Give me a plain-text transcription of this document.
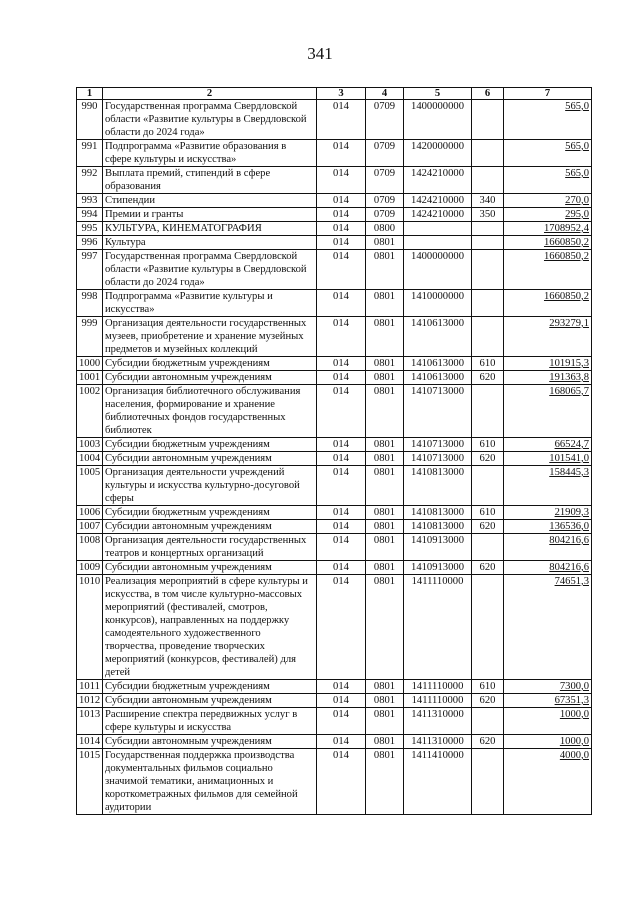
341
1	2	3	4	5	6	7
990	Государственная программа Свердловской области «Развитие культуры в Свердловской области до 2024 года»	014	0709	1400000000		565,0
991	Подпрограмма «Развитие образования в сфере культуры и искусства»	014	0709	1420000000		565,0
992	Выплата премий, стипендий в сфере образования	014	0709	1424210000		565,0
993	Стипендии	014	0709	1424210000	340	270,0
994	Премии и гранты	014	0709	1424210000	350	295,0
995	КУЛЬТУРА, КИНЕМАТОГРАФИЯ	014	0800			1708952,4
996	Культура	014	0801			1660850,2
997	Государственная программа Свердловской области «Развитие культуры в Свердловской области до 2024 года»	014	0801	1400000000		1660850,2
998	Подпрограмма «Развитие культуры и искусства»	014	0801	1410000000		1660850,2
999	Организация деятельности государственных музеев, приобретение и хранение музейных предметов и музейных коллекций	014	0801	1410613000		293279,1
1000	Субсидии бюджетным учреждениям	014	0801	1410613000	610	101915,3
1001	Субсидии автономным учреждениям	014	0801	1410613000	620	191363,8
1002	Организация библиотечного обслуживания населения, формирование и хранение библиотечных фондов государственных библиотек	014	0801	1410713000		168065,7
1003	Субсидии бюджетным учреждениям	014	0801	1410713000	610	66524,7
1004	Субсидии автономным учреждениям	014	0801	1410713000	620	101541,0
1005	Организация деятельности учреждений культуры и искусства культурно-досуговой сферы	014	0801	1410813000		158445,3
1006	Субсидии бюджетным учреждениям	014	0801	1410813000	610	21909,3
1007	Субсидии автономным учреждениям	014	0801	1410813000	620	136536,0
1008	Организация деятельности государственных театров и концертных организаций	014	0801	1410913000		804216,6
1009	Субсидии автономным учреждениям	014	0801	1410913000	620	804216,6
1010	Реализация мероприятий в сфере культуры и искусства, в том числе культурно-массовых мероприятий (фестивалей, смотров, конкурсов), направленных на поддержку самодеятельного художественного творчества, проведение творческих мероприятий (конкурсов, фестивалей) для детей	014	0801	1411110000		74651,3
1011	Субсидии бюджетным учреждениям	014	0801	1411110000	610	7300,0
1012	Субсидии автономным учреждениям	014	0801	1411110000	620	67351,3
1013	Расширение спектра передвижных услуг в сфере культуры и искусства	014	0801	1411310000		1000,0
1014	Субсидии автономным учреждениям	014	0801	1411310000	620	1000,0
1015	Государственная поддержка производства документальных фильмов социально значимой тематики, анимационных и короткометражных фильмов для семейной аудитории	014	0801	1411410000		4000,0
